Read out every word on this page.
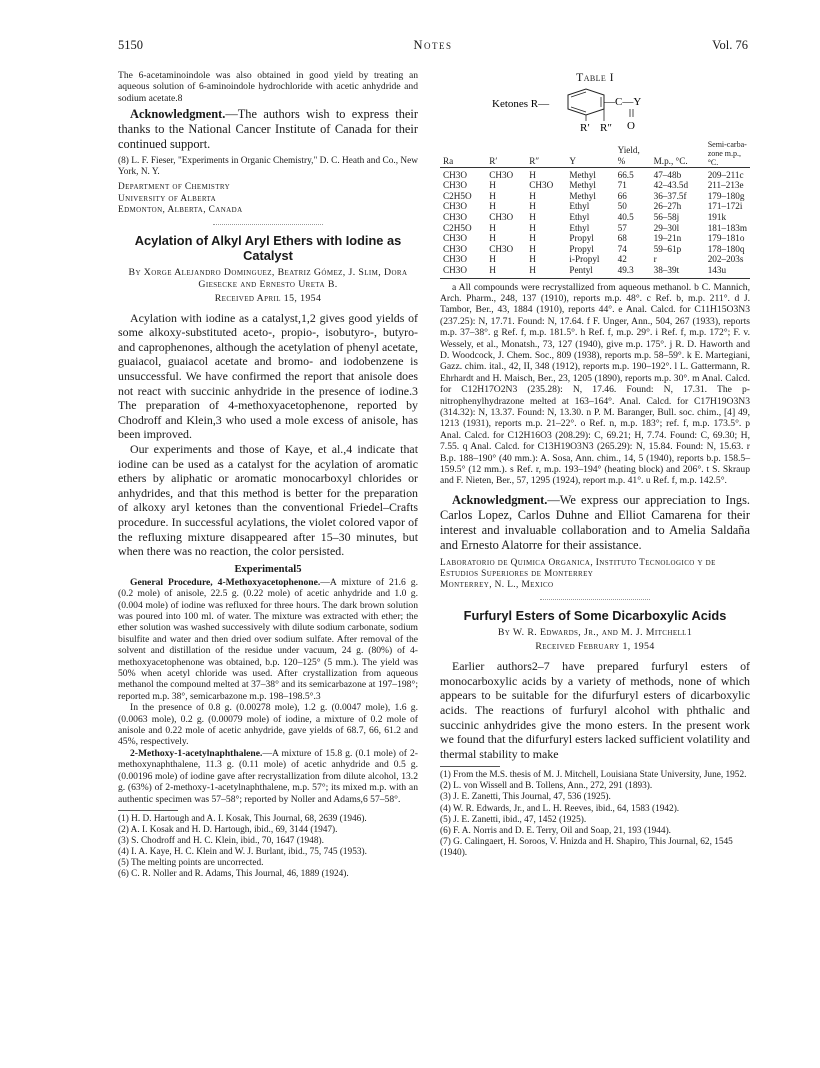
5150	Notes	Vol. 76

The 6-acetaminoindole was also obtained in good yield by treating an aqueous solution of 6-aminoindole hydrochloride with acetic anhydride and sodium acetate.8

Acknowledgment.—The authors wish to express their thanks to the National Cancer Institute of Canada for their continued support.

(8) L. F. Fieser, "Experiments in Organic Chemistry," D. C. Heath and Co., New York, N. Y.

Department of Chemistry
University of Alberta
Edmonton, Alberta, Canada
Acylation of Alkyl Aryl Ethers with Iodine as Catalyst
By Xorge Alejandro Dominguez, Beatriz Gómez, J. Slim, Dora Giesecke and Ernesto Ureta B.
Received April 15, 1954

Acylation with iodine as a catalyst,1,2 gives good yields of some alkoxy-substituted aceto-, propio-, isobutyro-, butyro- and caprophenones, although the acetylation of phenyl acetate, guaiacol, guaiacol acetate and bromo- and iodobenzene is unsuccessful. We have confirmed the report that anisole does not react with succinic anhydride in the presence of iodine.3 The preparation of 4-methoxyacetophenone, reported by Chodroff and Klein,3 who used a mole excess of anisole, has been improved.

Our experiments and those of Kaye, et al.,4 indicate that iodine can be used as a catalyst for the acylation of aromatic ethers by aliphatic or aromatic monocarboxyl chlorides or anhydrides, and that this method is better for the preparation of alkoxy aryl ketones than the conventional Friedel–Crafts procedure. In successful acylations, the violet colored vapor of the refluxing mixture disappeared after 15–30 minutes, but when there was no reaction, the color persisted.

Experimental5

General Procedure, 4-Methoxyacetophenone.—A mixture of 21.6 g. (0.2 mole) of anisole, 22.5 g. (0.22 mole) of acetic anhydride and 1.0 g. (0.004 mole) of iodine was refluxed for three hours. The dark brown solution was poured into 100 ml. of water. The mixture was extracted with ether; the ether solution was washed successively with dilute sodium carbonate, sodium bisulfite and water and then dried over sodium sulfate. After removal of the solvent and distillation of the residue under vacuum, 24 g. (80%) of 4-methoxyacetophenone was obtained, b.p. 120–125° (5 mm.). The yield was 50% when acetyl chloride was used. After crystallization from aqueous methanol the compound melted at 37–38° and its semicarbazone at 197–198°; reported m.p. 38°, semicarbazone m.p. 198–198.5°.3

In the presence of 0.8 g. (0.00278 mole), 1.2 g. (0.0047 mole), 1.6 g. (0.0063 mole), 0.2 g. (0.00079 mole) of iodine, a mixture of 0.2 mole of anisole and 0.22 mole of acetic anhydride, gave yields of 68.7, 66, 61.2 and 45%, respectively.

2-Methoxy-1-acetylnaphthalene.—A mixture of 15.8 g. (0.1 mole) of 2-methoxynaphthalene, 11.3 g. (0.11 mole) of acetic anhydride and 0.5 g. (0.00196 mole) of iodine gave after recrystallization from dilute alcohol, 13.2 g. (63%) of 2-methoxy-1-acetylnaphthalene, m.p. 57°; its mixed m.p. with an authentic specimen was 57–58°; reported by Noller and Adams,6 57–58°.

(1) H. D. Hartough and A. I. Kosak, This Journal, 68, 2639 (1946).
(2) A. I. Kosak and H. D. Hartough, ibid., 69, 3144 (1947).
(3) S. Chodroff and H. C. Klein, ibid., 70, 1647 (1948).
(4) I. A. Kaye, H. C. Klein and W. J. Burlant, ibid., 75, 745 (1953).
(5) The melting points are uncorrected.
(6) C. R. Noller and R. Adams, This Journal, 46, 1889 (1924).
Table I
Ketones R—	—C—Y
O
R′ R″
Ra	R′	R″	Y	Yield, %	M.p., °C.	Semi-carba-zone m.p., °C.
CH3O	CH3O	H	Methyl	66.5	47–48b	209–211c
CH3O	H	CH3O	Methyl	71	42–43.5d	211–213e
C2H5O	H	H	Methyl	66	36–37.5f	179–180g
CH3O	H	H	Ethyl	50	26–27h	171–172i
CH3O	CH3O	H	Ethyl	40.5	56–58j	191k
C2H5O	H	H	Ethyl	57	29–30l	181–183m
CH3O	H	H	Propyl	68	19–21n	179–181o
CH3O	CH3O	H	Propyl	74	59–61p	178–180q
CH3O	H	H	i-Propyl	42	r	202–203s
CH3O	H	H	Pentyl	49.3	38–39t	143u

a All compounds were recrystallized from aqueous methanol. b C. Mannich, Arch. Pharm., 248, 137 (1910), reports m.p. 48°. c Ref. b, m.p. 211°. d J. Tambor, Ber., 43, 1884 (1910), reports 44°. e Anal. Calcd. for C11H15O3N3 (237.25): N, 17.71. Found: N, 17.64. f F. Unger, Ann., 504, 267 (1933), reports m.p. 37–38°. g Ref. f, m.p. 181.5°. h Ref. f, m.p. 29°. i Ref. f, m.p. 172°; F. v. Wessely, et al., Monatsh., 73, 127 (1940), give m.p. 175°. j R. D. Haworth and D. Woodcock, J. Chem. Soc., 809 (1938), reports m.p. 58–59°. k E. Martegiani, Gazz. chim. ital., 42, II, 348 (1912), reports m.p. 190–192°. l L. Gattermann, R. Ehrhardt and H. Maisch, Ber., 23, 1205 (1890), reports m.p. 30°. m Anal. Calcd. for C12H17O2N3 (235.28): N, 17.46. Found: N, 17.31. The p-nitrophenylhydrazone melted at 163–164°. Anal. Calcd. for C17H19O3N3 (314.32): N, 13.37. Found: N, 13.30. n P. M. Baranger, Bull. soc. chim., [4] 49, 1213 (1931), reports m.p. 21–22°. o Ref. n, m.p. 183°; ref. f, m.p. 173.5°. p Anal. Calcd. for C12H16O3 (208.29): C, 69.21; H, 7.74. Found: C, 69.30; H, 7.55. q Anal. Calcd. for C13H19O3N3 (265.29): N, 15.84. Found: N, 15.63. r B.p. 188–190° (40 mm.): A. Sosa, Ann. chim., 14, 5 (1940), reports b.p. 158.5–159.5° (12 mm.). s Ref. r, m.p. 193–194° (heating block) and 206°. t S. Skraup and F. Nieten, Ber., 57, 1295 (1924), report m.p. 41°. u Ref. f, m.p. 142.5°.

Acknowledgment.—We express our appreciation to Ings. Carlos Lopez, Carlos Duhne and Elliot Camarena for their interest and invaluable collaboration and to Amelia Saldaña and Ernesto Alatorre for their assistance.

Laboratorio de Quimica Organica, Instituto Tecnologico y de Estudios Superiores de Monterrey
Monterrey, N. L., Mexico
Furfuryl Esters of Some Dicarboxylic Acids
By W. R. Edwards, Jr., and M. J. Mitchell1
Received February 1, 1954

Earlier authors2–7 have prepared furfuryl esters of monocarboxylic acids by a variety of methods, none of which appears to be suitable for the difurfuryl esters of dicarboxylic acids. The reactions of furfuryl alcohol with phthalic and succinic anhydrides give the mono esters. In the present work we found that the difurfuryl esters lacked sufficient volatility and thermal stability to make

(1) From the M.S. thesis of M. J. Mitchell, Louisiana State University, June, 1952.
(2) L. von Wissell and B. Tollens, Ann., 272, 291 (1893).
(3) J. E. Zanetti, This Journal, 47, 536 (1925).
(4) W. R. Edwards, Jr., and L. H. Reeves, ibid., 64, 1583 (1942).
(5) J. E. Zanetti, ibid., 47, 1452 (1925).
(6) F. A. Norris and D. E. Terry, Oil and Soap, 21, 193 (1944).
(7) G. Calingaert, H. Soroos, V. Hnizda and H. Shapiro, This Journal, 62, 1545 (1940).
